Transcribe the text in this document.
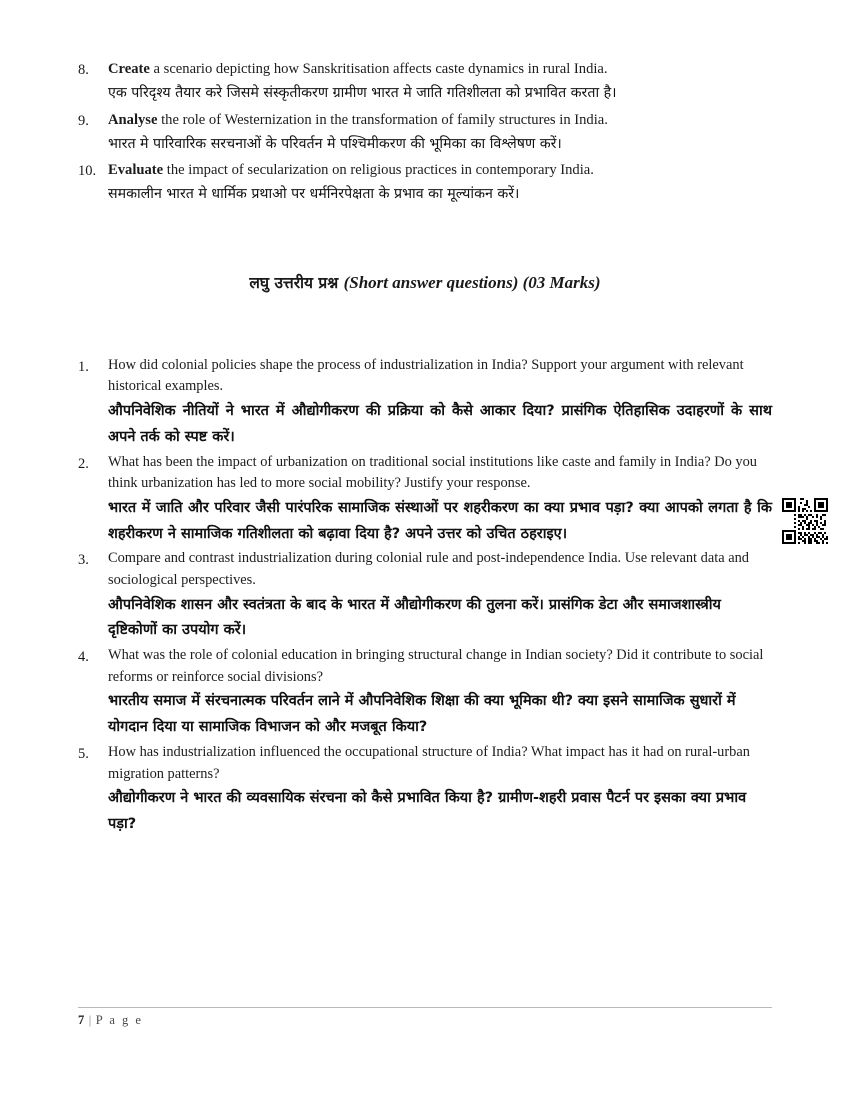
8.	Create a scenario depicting how Sanskritisation affects caste dynamics in rural India.
एक परिदृश्य तैयार करे जिसमे संस्कृतीकरण ग्रामीण भारत मे जाति गतिशीलता को प्रभावित करता है।
9.	Analyse the role of Westernization in the transformation of family structures in India.
भारत मे पारिवारिक सरचनाओं के परिवर्तन मे पश्चिमीकरण की भूमिका का विश्लेषण करें।
10. Evaluate the impact of secularization on religious practices in contemporary India.
समकालीन भारत मे धार्मिक प्रथाओ पर धर्मनिरपेक्षता के प्रभाव का मूल्यांकन करें।
लघु उत्तरीय प्रश्न (Short answer questions) (03 Marks)
1.	How did colonial policies shape the process of industrialization in India? Support your argument with relevant historical examples.
औपनिवेशिक नीतियों ने भारत में औद्योगीकरण की प्रक्रिया को कैसे आकार दिया? प्रासंगिक ऐतिहासिक उदाहरणों के साथ अपने तर्क को स्पष्ट करें।
2.	What has been the impact of urbanization on traditional social institutions like caste and family in India? Do you think urbanization has led to more social mobility? Justify your response.
भारत में जाति और परिवार जैसी पारंपरिक सामाजिक संस्थाओं पर शहरीकरण का क्या प्रभाव पड़ा? क्या आपको लगता है कि शहरीकरण ने सामाजिक गतिशीलता को बढ़ावा दिया है? अपने उत्तर को उचित ठहराइए।
3.	Compare and contrast industrialization during colonial rule and post-independence India. Use relevant data and sociological perspectives.
औपनिवेशिक शासन और स्वतंत्रता के बाद के भारत में औद्योगीकरण की तुलना करें। प्रासंगिक डेटा और समाजशास्त्रीय दृष्टिकोणों का उपयोग करें।
4.	What was the role of colonial education in bringing structural change in Indian society? Did it contribute to social reforms or reinforce social divisions?
भारतीय समाज में संरचनात्मक परिवर्तन लाने में औपनिवेशिक शिक्षा की क्या भूमिका थी? क्या इसने सामाजिक सुधारों में योगदान दिया या सामाजिक विभाजन को और मजबूत किया?
5.	How has industrialization influenced the occupational structure of India? What impact has it had on rural-urban migration patterns?
औद्योगीकरण ने भारत की व्यवसायिक संरचना को कैसे प्रभावित किया है? ग्रामीण-शहरी प्रवास पैटर्न पर इसका क्या प्रभाव पड़ा?
7 | P a g e
